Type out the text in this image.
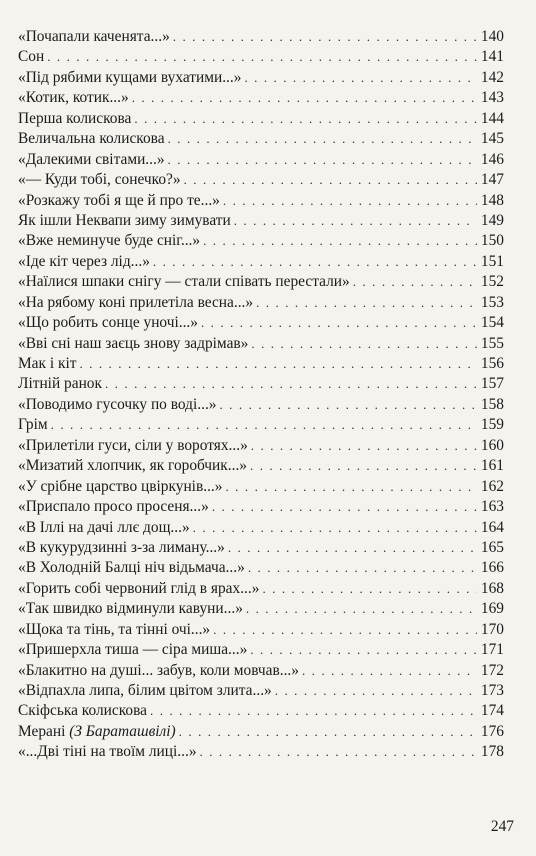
«Почапали каченята...» . . .	140
Сон . . .	141
«Під рябими кущами вухатими...» . . .	142
«Котик, котик...» . . .	143
Перша колискова . . .	144
Величальна колискова . . .	145
«Далекими світами...» . . .	146
«— Куди тобі, сонечко?» . . .	147
«Розкажу тобі я ще й про те...» . . .	148
Як ішли Неквапи зиму зимувати . . .	149
«Вже неминуче буде сніг...» . . .	150
«Іде кіт через лід...» . . .	151
«Наїлися шпаки снігу — стали співать перестали» . . .	152
«На рябому коні прилетіла весна...» . . .	153
«Що робить сонце уночі...» . . .	154
«Вві сні наш заєць знову задрімав» . . .	155
Мак і кіт . . .	156
Літній ранок . . .	157
«Поводимо гусочку по воді...» . . .	158
Грім . . .	159
«Прилетіли гуси, сіли у воротях...» . . .	160
«Мизатий хлопчик, як горобчик...» . . .	161
«У срібне царство цвіркунів...» . . .	162
«Приспало просо просеня...» . . .	163
«В Іллі на дачі ллє дощ...» . . .	164
«В кукурудзинні з-за лиману...» . . .	165
«В Холодній Балці ніч відьмача...» . . .	166
«Горить собі червоний глід в ярах...» . . .	168
«Так швидко відминули кавуни...» . . .	169
«Щока та тінь, та тінні очі...» . . .	170
«Пришерхла тиша — сіра миша...» . . .	171
«Блакитно на душі... забув, коли мовчав...» . . .	172
«Відпахла липа, білим цвітом злита...» . . .	173
Скіфська колискова . . .	174
Мерані (З Бараташвілі) . . .	176
«...Дві тіні на твоїм лиці...» . . .	178
247
